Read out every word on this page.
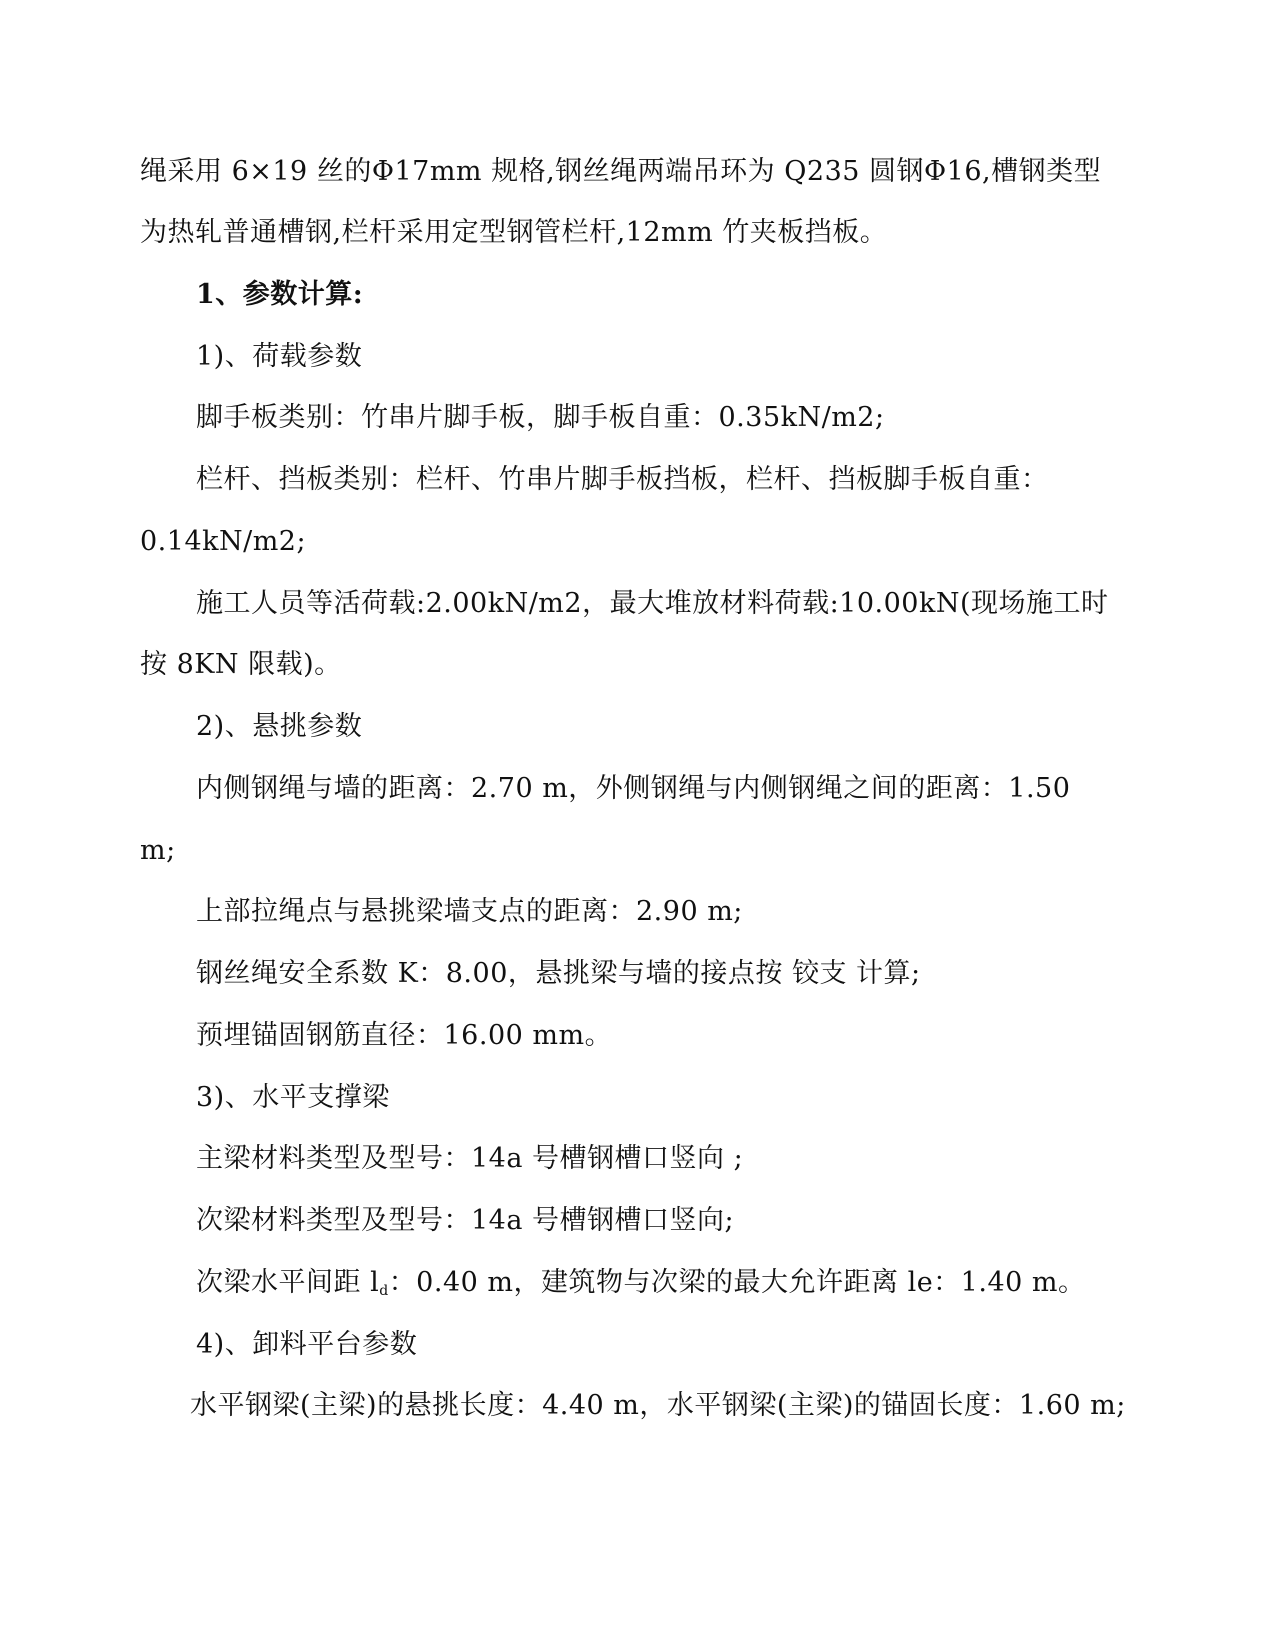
绳采用 6×19 丝的Φ17mm 规格,钢丝绳两端吊环为 Q235 圆钢Φ16,槽钢类型
为热轧普通槽钢,栏杆采用定型钢管栏杆,12mm 竹夹板挡板。
1、参数计算:
1)、荷载参数
脚手板类别：竹串片脚手板，脚手板自重：0.35kN/m2;
栏杆、挡板类别：栏杆、竹串片脚手板挡板，栏杆、挡板脚手板自重：
0.14kN/m2;
施工人员等活荷载:2.00kN/m2，最大堆放材料荷载:10.00kN(现场施工时
按 8KN 限载)。
2)、悬挑参数
内侧钢绳与墙的距离：2.70 m，外侧钢绳与内侧钢绳之间的距离：1.50
m;
上部拉绳点与悬挑梁墙支点的距离：2.90 m;
钢丝绳安全系数 K：8.00，悬挑梁与墙的接点按 铰支 计算;
预埋锚固钢筋直径：16.00 mm。
3)、水平支撑梁
主梁材料类型及型号：14a 号槽钢槽口竖向 ;
次梁材料类型及型号：14a 号槽钢槽口竖向;
次梁水平间距 $l_d$：0.40 m，建筑物与次梁的最大允许距离 le：1.40 m。
4)、卸料平台参数
水平钢梁(主梁)的悬挑长度：4.40 m，水平钢梁(主梁)的锚固长度：1.60 m;
